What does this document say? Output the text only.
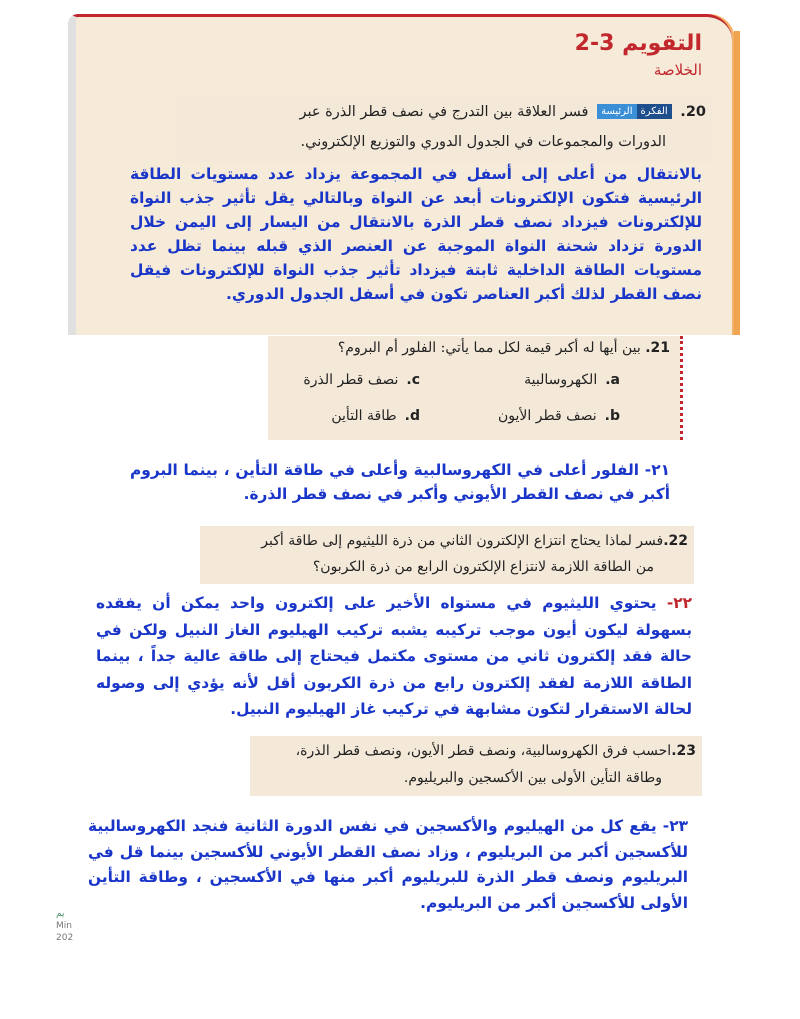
التقويم 3-2
الخلاصة
20. الفكرةالرئيسة فسر العلاقة بين التدرج في نصف قطر الذرة عبر
الدورات والمجموعات في الجدول الدوري والتوزيع الإلكتروني.
بالانتقال من أعلى إلى أسفل في المجموعة يزداد عدد مستويات الطاقة الرئيسية فتكون الإلكترونات أبعد عن النواة وبالتالي يقل تأثير جذب النواة للإلكترونات فيزداد نصف قطر الذرة بالانتقال من اليسار إلى اليمن خلال الدورة تزداد شحنة النواة الموجبة عن العنصر الذي قبله بينما تظل عدد مستويات الطاقة الداخلية ثابتة فيزداد تأثير جذب النواة للإلكترونات فيقل نصف القطر لذلك أكبر العناصر تكون في أسفل الجدول الدوري.
21. بين أيها له أكبر قيمة لكل مما يأتي: الفلور أم البروم؟
a.الكهروسالبية
c.نصف قطر الذرة
b.نصف قطر الأيون
d.طاقة التأين
٢١- الفلور أعلى في الكهروسالبية وأعلى في طاقة التأين ، بينما البروم أكبر في نصف القطر الأيوني وأكبر في نصف قطر الذرة.
22.فسر لماذا يحتاج انتزاع الإلكترون الثاني من ذرة الليثيوم إلى طاقة أكبر
من الطاقة اللازمة لانتزاع الإلكترون الرابع من ذرة الكربون؟
٢٢- يحتوي الليثيوم في مستواه الأخير على إلكترون واحد يمكن أن يفقده بسهولة ليكون أيون موجب تركيبه يشبه تركيب الهيليوم الغاز النبيل ولكن في حالة فقد إلكترون ثاني من مستوى مكتمل فيحتاج إلى طاقة عالية جداً ، بينما الطاقة اللازمة لفقد إلكترون رابع من ذرة الكربون أقل لأنه يؤدي إلى وصوله لحالة الاستقرار لتكون مشابهة في تركيب غاز الهيليوم النبيل.
23.احسب فرق الكهروسالبية، ونصف قطر الأيون، ونصف قطر الذرة،
وطاقة التأين الأولى بين الأكسجين والبريليوم.
٢٣- يقع كل من الهيليوم والأكسجين في نفس الدورة الثانية فنجد الكهروسالبية للأكسجين أكبر من البريليوم ، وزاد نصف القطر الأيوني للأكسجين بينما قل في البريليوم ونصف قطر الذرة للبريليوم أكبر منها في الأكسجين ، وطاقة التأين الأولى للأكسجين أكبر من البريليوم.
يم
Min
202
